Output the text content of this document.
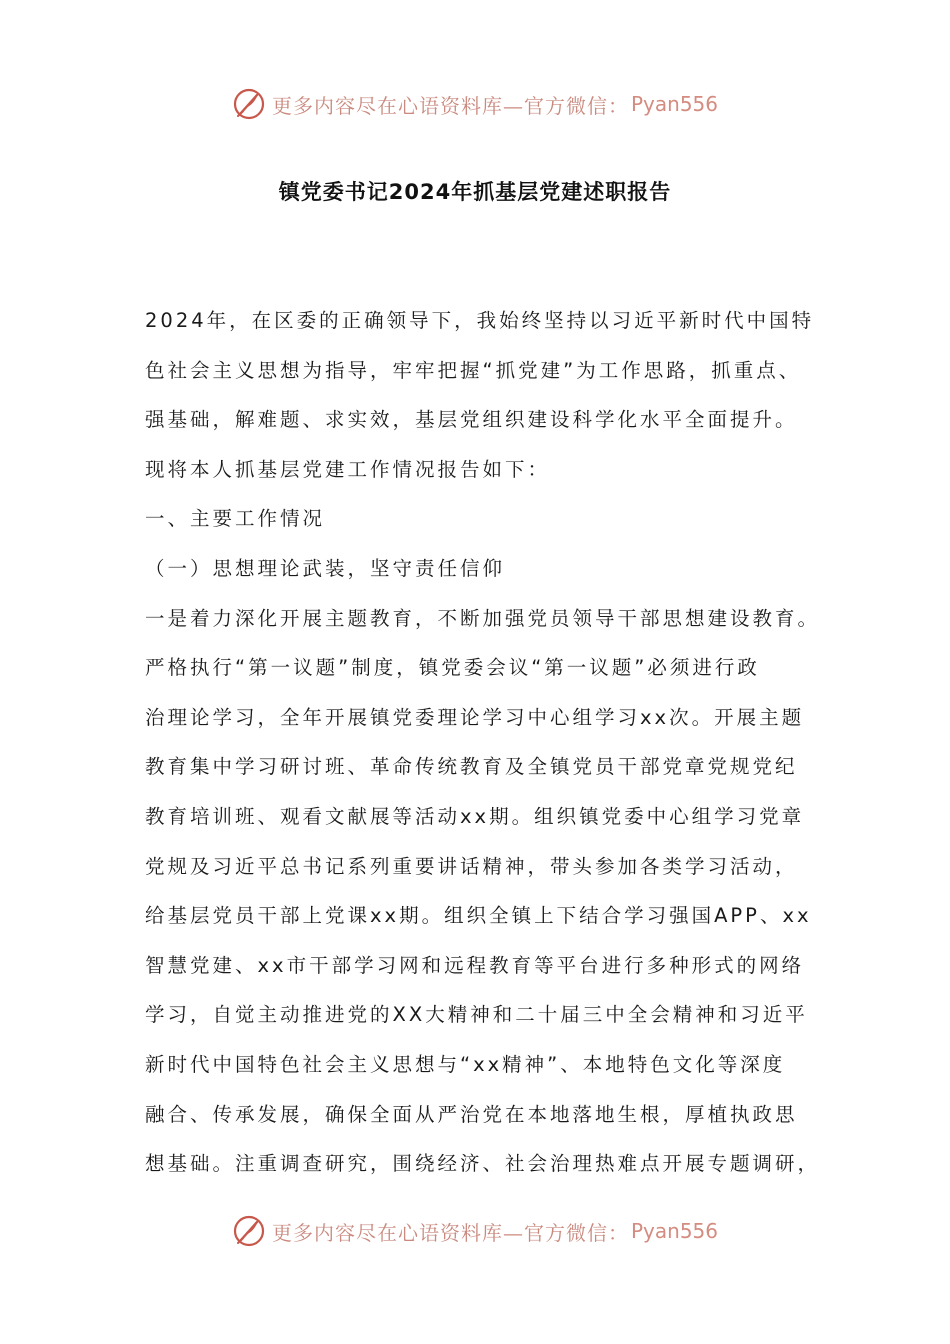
更多内容尽在心语资料库—官方微信： Pyan556
镇党委书记2024年抓基层党建述职报告
2024年，在区委的正确领导下，我始终坚持以习近平新时代中国特
色社会主义思想为指导，牢牢把握“抓党建”为工作思路，抓重点、
强基础，解难题、求实效，基层党组织建设科学化水平全面提升。
现将本人抓基层党建工作情况报告如下：
一、主要工作情况
（一）思想理论武装，坚守责任信仰
一是着力深化开展主题教育，不断加强党员领导干部思想建设教育。
严格执行“第一议题”制度，镇党委会议“第一议题”必须进行政
治理论学习，全年开展镇党委理论学习中心组学习xx次。开展主题
教育集中学习研讨班、革命传统教育及全镇党员干部党章党规党纪
教育培训班、观看文献展等活动xx期。组织镇党委中心组学习党章
党规及习近平总书记系列重要讲话精神，带头参加各类学习活动，
给基层党员干部上党课xx期。组织全镇上下结合学习强国APP、xx
智慧党建、xx市干部学习网和远程教育等平台进行多种形式的网络
学习，自觉主动推进党的XX大精神和二十届三中全会精神和习近平
新时代中国特色社会主义思想与“xx精神”、本地特色文化等深度
融合、传承发展，确保全面从严治党在本地落地生根，厚植执政思
想基础。注重调查研究，围绕经济、社会治理热难点开展专题调研，
更多内容尽在心语资料库—官方微信： Pyan556
